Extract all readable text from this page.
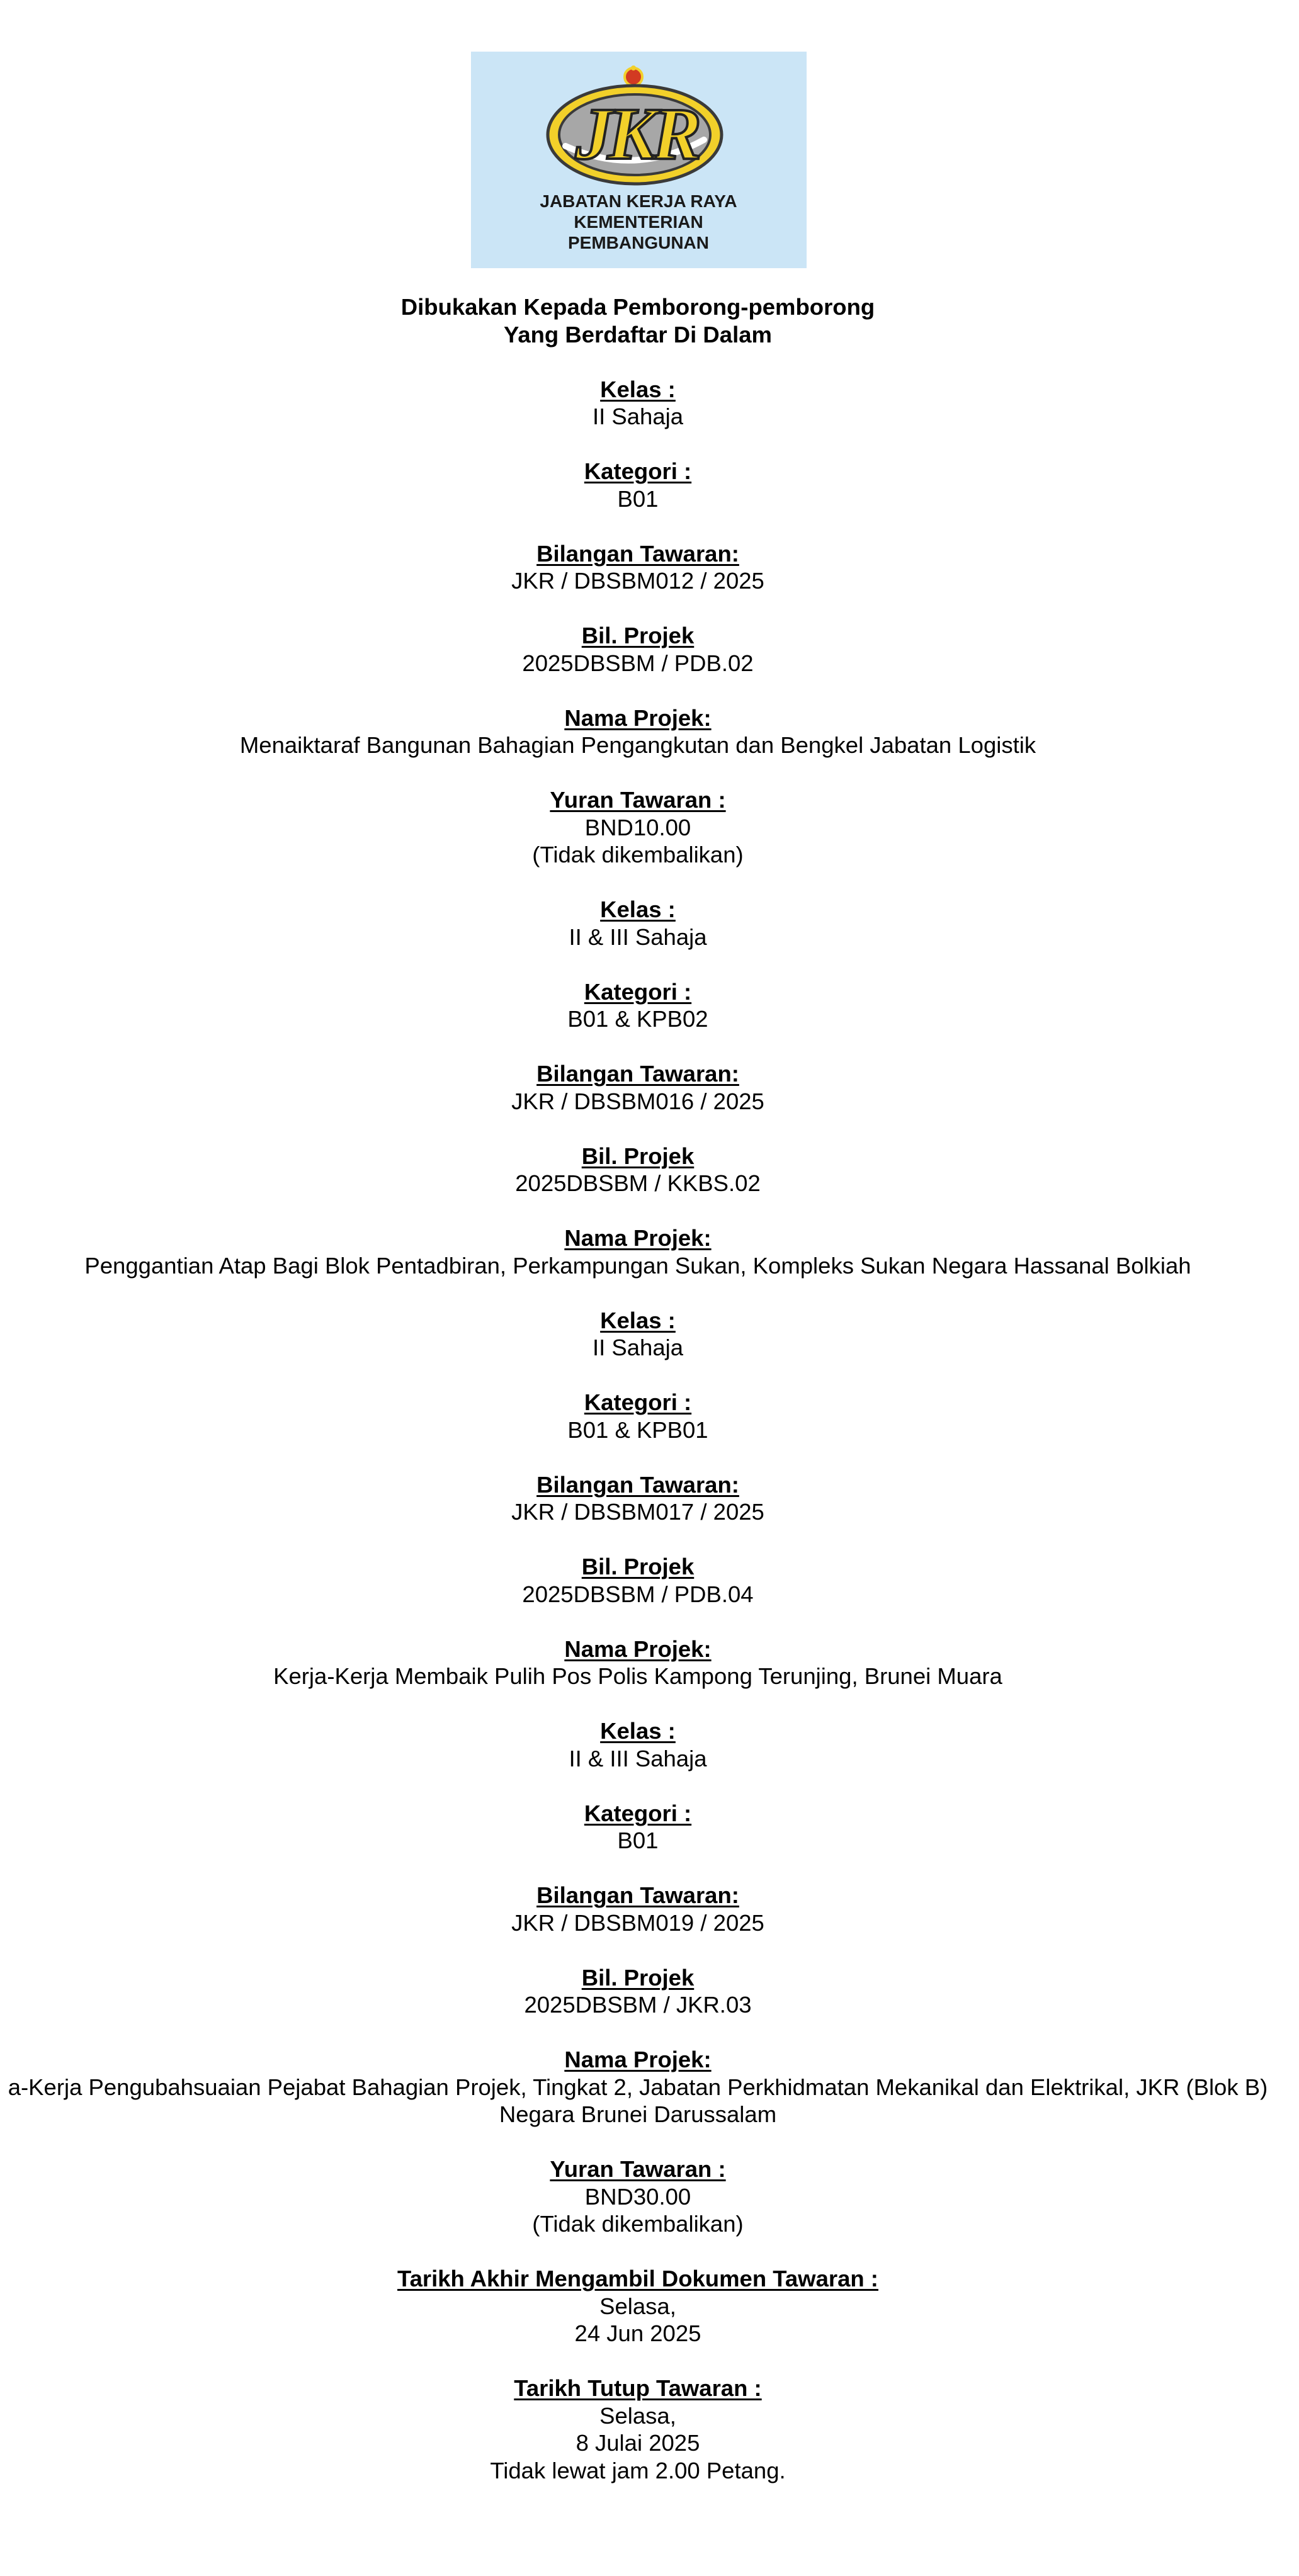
JKR
JABATAN KERJA RAYA
KEMENTERIAN
PEMBANGUNAN
Dibukakan Kepada Pemborong-pemborong
Yang Berdaftar Di Dalam
Kelas :
II Sahaja
Kategori :
B01
Bilangan Tawaran:
JKR / DBSBM012 / 2025
Bil. Projek
2025DBSBM / PDB.02
Nama Projek:
Menaiktaraf Bangunan Bahagian Pengangkutan dan Bengkel Jabatan Logistik
Yuran Tawaran :
BND10.00
(Tidak dikembalikan)
Kelas :
II & III Sahaja
Kategori :
B01 & KPB02
Bilangan Tawaran:
JKR / DBSBM016 / 2025
Bil. Projek
2025DBSBM / KKBS.02
Nama Projek:
Penggantian Atap Bagi Blok Pentadbiran, Perkampungan Sukan, Kompleks Sukan Negara Hassanal Bolkiah
Kelas :
II Sahaja
Kategori :
B01 & KPB01
Bilangan Tawaran:
JKR / DBSBM017 / 2025
Bil. Projek
2025DBSBM / PDB.04
Nama Projek:
Kerja-Kerja Membaik Pulih Pos Polis Kampong Terunjing, Brunei Muara
Kelas :
II & III Sahaja
Kategori :
B01
Bilangan Tawaran:
JKR / DBSBM019 / 2025
Bil. Projek
2025DBSBM / JKR.03
Nama Projek:
a-Kerja Pengubahsuaian Pejabat Bahagian Projek, Tingkat 2, Jabatan Perkhidmatan Mekanikal dan Elektrikal, JKR (Blok B)
Negara Brunei Darussalam
Yuran Tawaran :
BND30.00
(Tidak dikembalikan)
Tarikh Akhir Mengambil Dokumen Tawaran :
Selasa,
24 Jun 2025
Tarikh Tutup Tawaran :
Selasa,
8 Julai 2025
Tidak lewat jam 2.00 Petang.
